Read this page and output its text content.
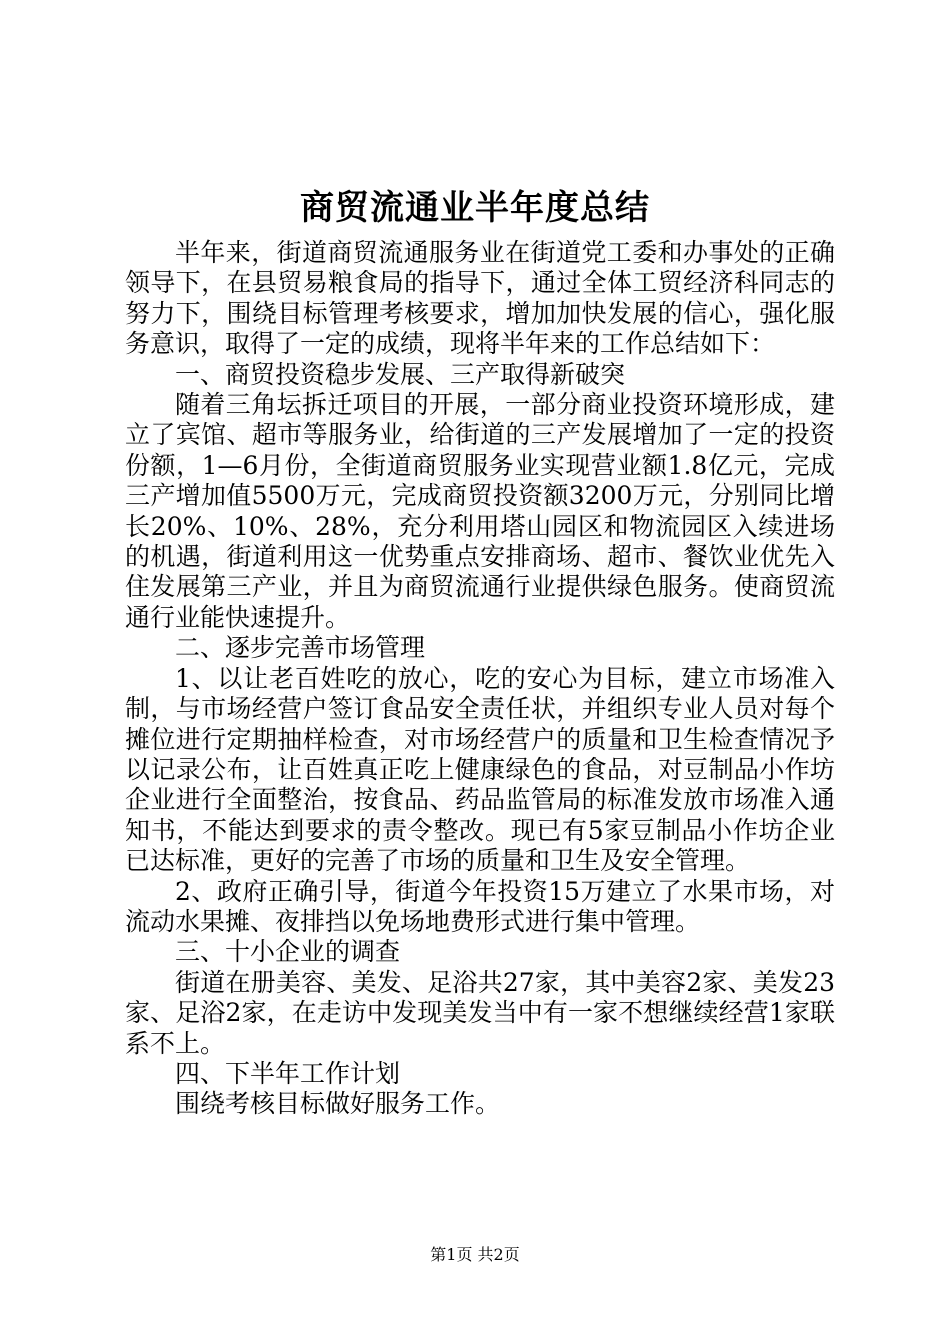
商贸流通业半年度总结

半年来，街道商贸流通服务业在街道党工委和办事处的正确领导下，在县贸易粮食局的指导下，通过全体工贸经济科同志的努力下，围绕目标管理考核要求，增加加快发展的信心，强化服务意识，取得了一定的成绩，现将半年来的工作总结如下：

一、商贸投资稳步发展、三产取得新破突

随着三角坛拆迁项目的开展，一部分商业投资环境形成，建立了宾馆、超市等服务业，给街道的三产发展增加了一定的投资份额，1—6月份，全街道商贸服务业实现营业额1.8亿元，完成三产增加值5500万元，完成商贸投资额3200万元，分别同比增长20%、10%、28%，充分利用塔山园区和物流园区入续进场的机遇，街道利用这一优势重点安排商场、超市、餐饮业优先入住发展第三产业，并且为商贸流通行业提供绿色服务。使商贸流通行业能快速提升。

二、逐步完善市场管理

1、以让老百姓吃的放心，吃的安心为目标，建立市场准入制，与市场经营户签订食品安全责任状，并组织专业人员对每个摊位进行定期抽样检查，对市场经营户的质量和卫生检查情况予以记录公布，让百姓真正吃上健康绿色的食品，对豆制品小作坊企业进行全面整治，按食品、药品监管局的标准发放市场准入通知书，不能达到要求的责令整改。现已有5家豆制品小作坊企业已达标准，更好的完善了市场的质量和卫生及安全管理。

2、政府正确引导，街道今年投资15万建立了水果市场，对流动水果摊、夜排挡以免场地费形式进行集中管理。

三、十小企业的调查

街道在册美容、美发、足浴共27家，其中美容2家、美发23家、足浴2家，在走访中发现美发当中有一家不想继续经营1家联系不上。

四、下半年工作计划

围绕考核目标做好服务工作。

第1页 共2页
